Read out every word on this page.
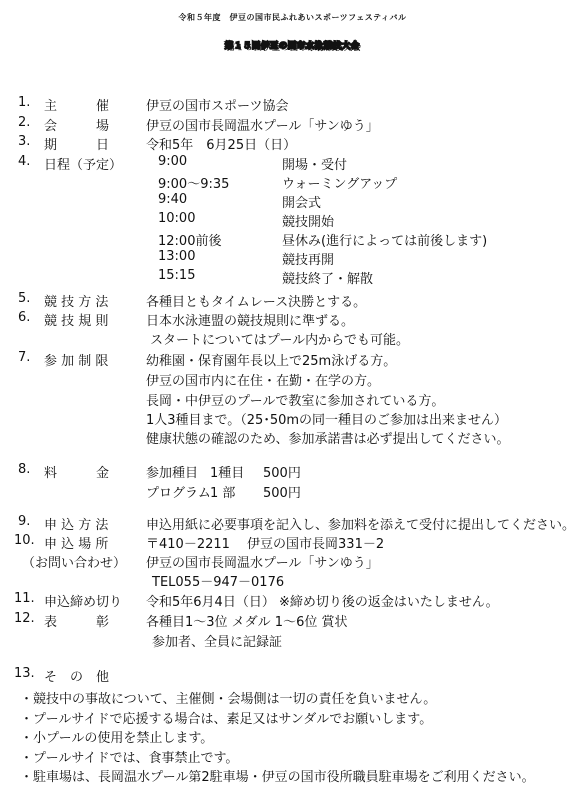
令和５年度　伊豆の国市民ふれあいスポーツフェスティバル
第１５回伊豆の国市水泳競技大会
1. 主　　　催	伊豆の国市スポーツ協会
2. 会　　　場	伊豆の国市長岡温水プール「サンゆう」
3. 期　　　日	令和5年　6月25日（日）
4. 日程（予定）	9:00	開場・受付
9:00〜9:35	ウォーミングアップ
9:40	開会式
10:00	競技開始
12:00前後	昼休み(進行によっては前後します)
13:00	競技再開
15:15	競技終了・解散
5. 競 技 方 法	各種目ともタイムレース決勝とする。
6. 競 技 規 則	日本水泳連盟の競技規則に準ずる。
スタートについてはプール内からでも可能。
7. 参 加 制 限	幼稚園・保育園年長以上で25m泳げる方。
伊豆の国市内に在住・在勤・在学の方。
長岡・中伊豆のプールで教室に参加されている方。
1人3種目まで。（25･50mの同一種目のご参加は出来ません）
健康状態の確認のため、参加承諾書は必ず提出してください。
8. 料　　　金	参加種目 1種目 500円
プログラム 1 部 500円
9. 申 込 方 法	申込用紙に必要事項を記入し、参加料を添えて受付に提出してください。
10. 申 込 場 所
（お問い合わせ）
〒410－2211　 伊豆の国市長岡331－2
伊豆の国市長岡温水プール「サンゆう」
TEL055－947－0176
11. 申込締め切り 令和5年6月4日（日） ※締め切り後の返金はいたしません。
12. 表　　　彰	各種目1～3位 メダル 1～6位 賞状
参加者、全員に記録証
13. そ　の　他
・競技中の事故について、主催側・会場側は一切の責任を負いません。
・プールサイドで応援する場合は、素足又はサンダルでお願いします。
・小プールの使用を禁止します。
・プールサイドでは、食事禁止です。
・駐車場は、長岡温水プール第2駐車場・伊豆の国市役所職員駐車場をご利用ください。
